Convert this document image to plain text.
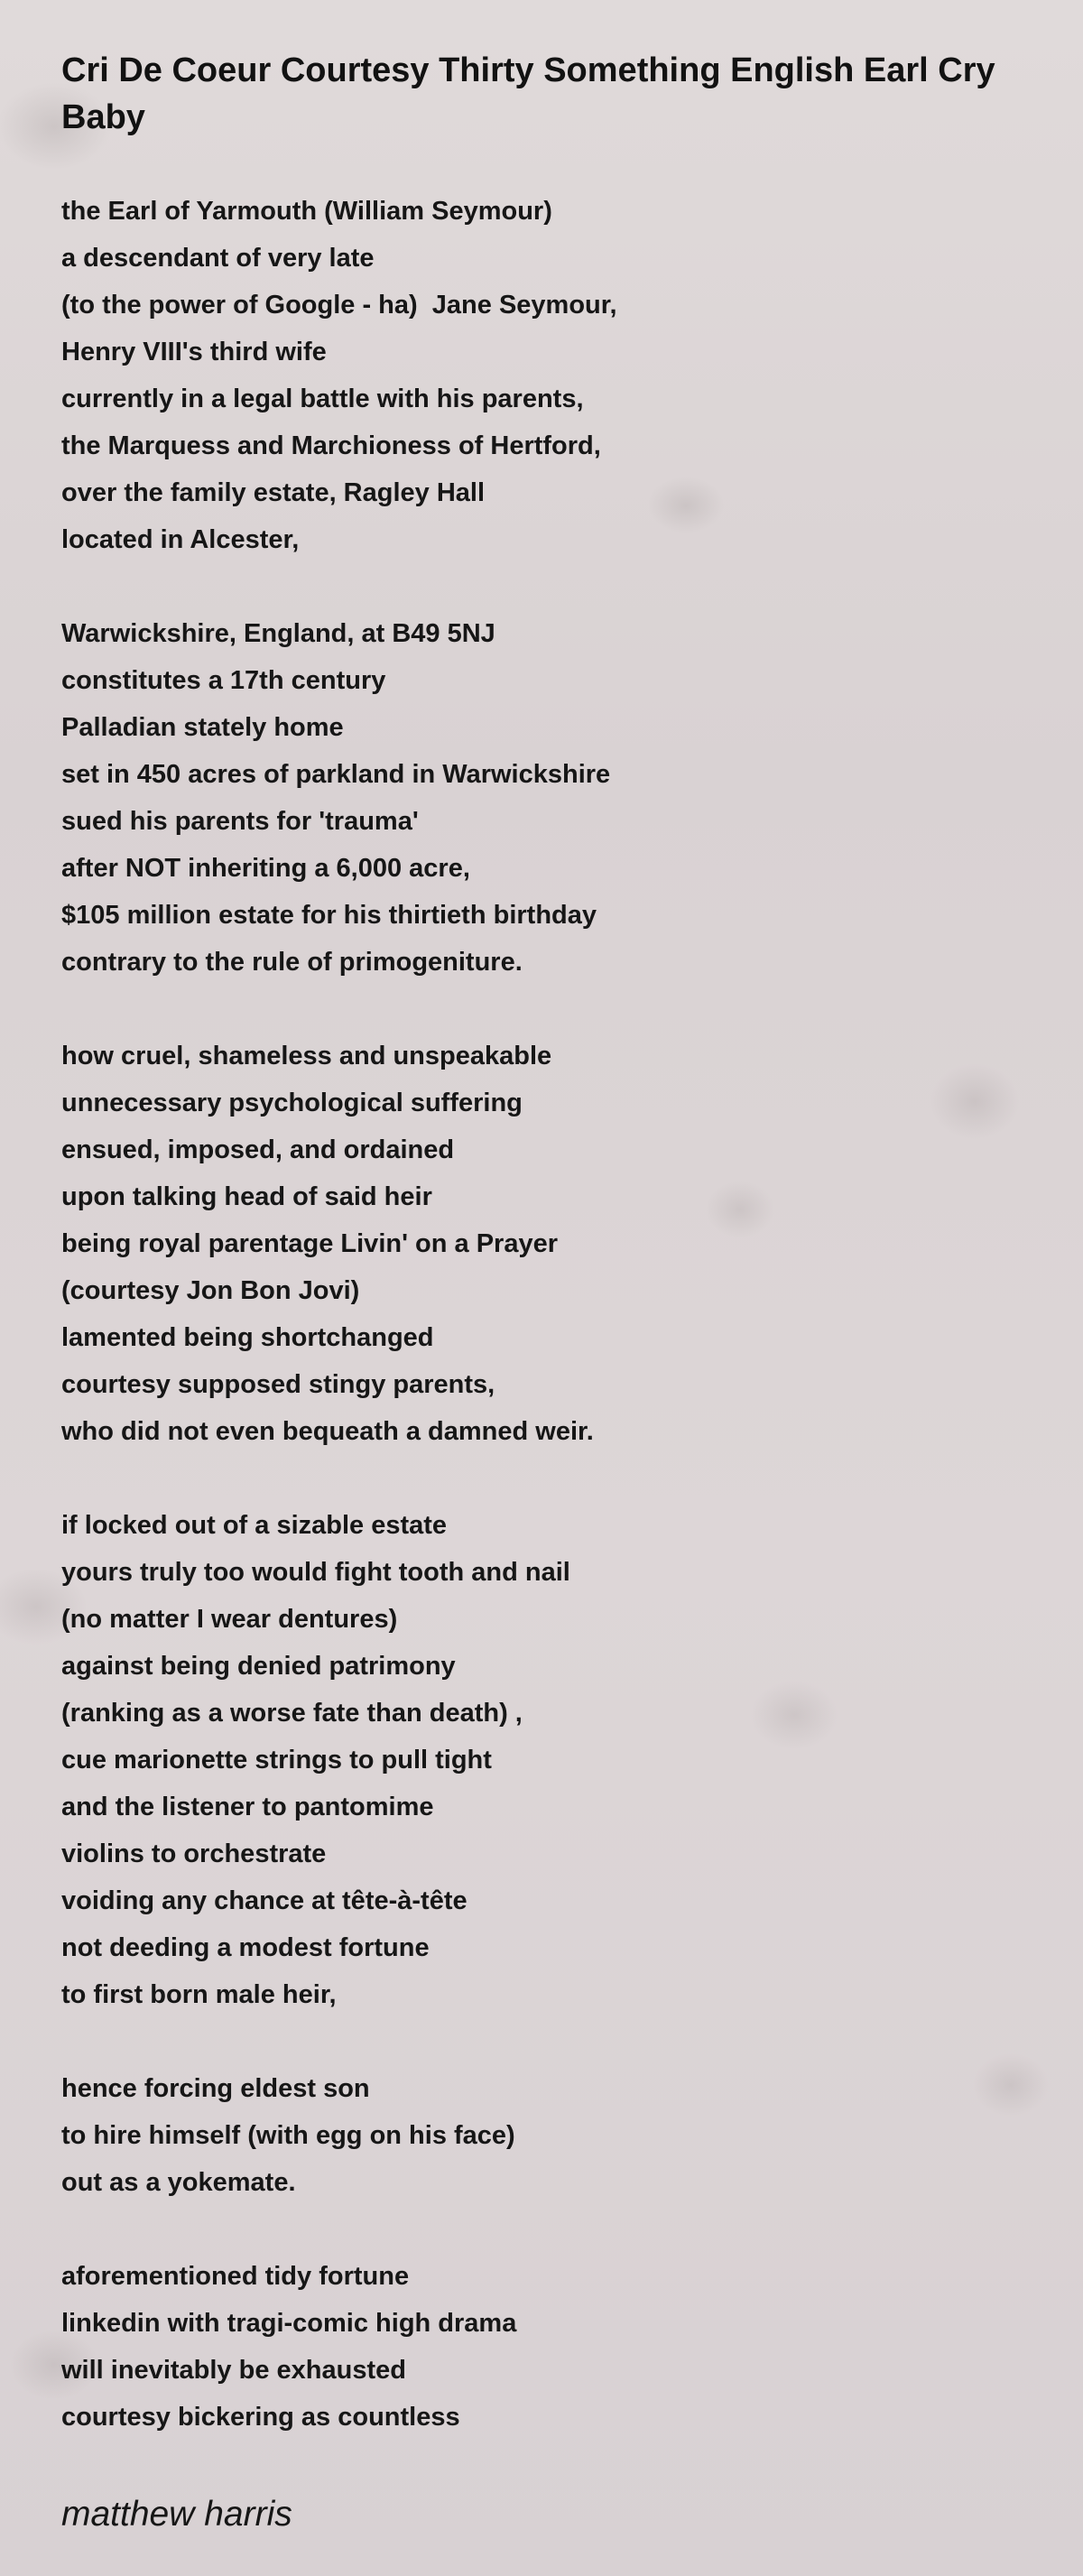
Cri De Coeur Courtesy Thirty Something English Earl Cry Baby
the Earl of Yarmouth (William Seymour)
a descendant of very late
(to the power of Google - ha)  Jane Seymour,
Henry VIII's third wife
currently in a legal battle with his parents,
the Marquess and Marchioness of Hertford,
over the family estate, Ragley Hall
located in Alcester,
Warwickshire, England, at B49 5NJ
constitutes a 17th century
Palladian stately home
set in 450 acres of parkland in Warwickshire
sued his parents for 'trauma'
after NOT inheriting a 6,000 acre,
$105 million estate for his thirtieth birthday
contrary to the rule of primogeniture.
how cruel, shameless and unspeakable
unnecessary psychological suffering
ensued, imposed, and ordained
upon talking head of said heir
being royal parentage Livin' on a Prayer
(courtesy Jon Bon Jovi)
lamented being shortchanged
courtesy supposed stingy parents,
who did not even bequeath a damned weir.
if locked out of a sizable estate
yours truly too would fight tooth and nail
(no matter I wear dentures)
against being denied patrimony
(ranking as a worse fate than death) ,
cue marionette strings to pull tight
and the listener to pantomime
violins to orchestrate
voiding any chance at tête-à-tête
not deeding a modest fortune
to first born male heir,
hence forcing eldest son
to hire himself (with egg on his face)
out as a yokemate.
aforementioned tidy fortune
linkedin with tragi-comic high drama
will inevitably be exhausted
courtesy bickering as countless
matthew harris
